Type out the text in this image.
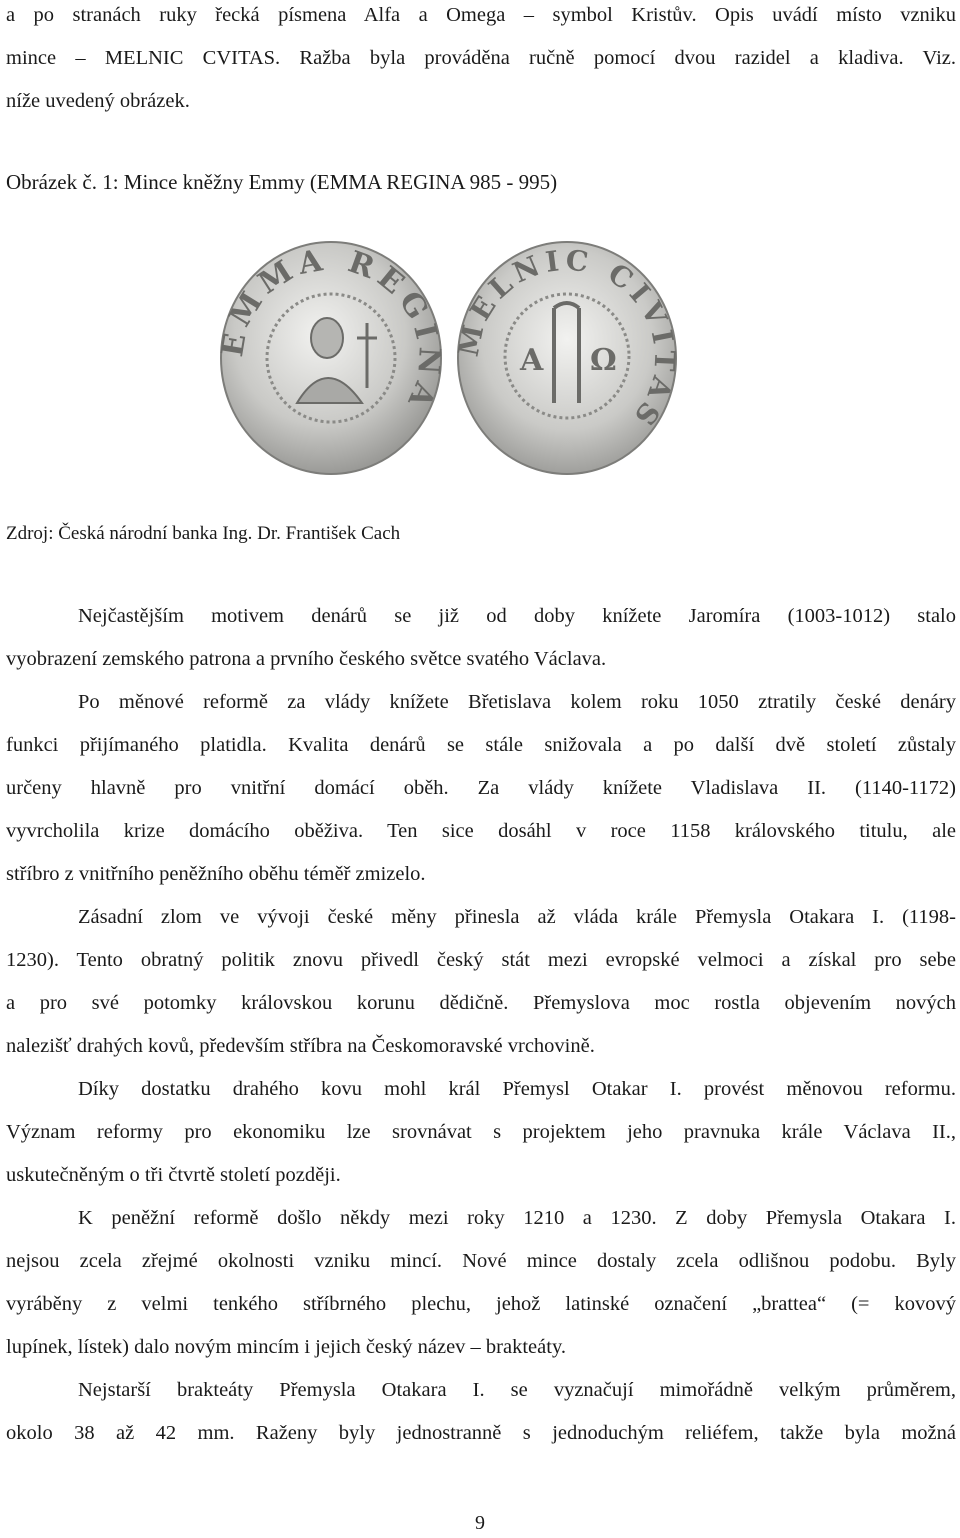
a po stranách ruky řecká písmena Alfa a Omega – symbol Kristův. Opis uvádí místo vzniku
mince – MELNIC CVITAS. Ražba byla prováděna ručně pomocí dvou razidel a kladiva. Viz.
níže uvedený obrázek.
Obrázek č. 1: Mince kněžny Emmy (EMMA REGINA 985 - 995)
EMMA REGINA
MELNIC CIVITAS
Α Ω
Zdroj: Česká národní banka Ing. Dr. František Cach
Nejčastějším motivem denárů se již od doby knížete Jaromíra (1003-1012) stalo
vyobrazení zemského patrona a prvního českého světce svatého Václava.
Po měnové reformě za vlády knížete Břetislava kolem roku 1050 ztratily české denáry
funkci přijímaného platidla. Kvalita denárů se stále snižovala a po další dvě století zůstaly
určeny hlavně pro vnitřní domácí oběh. Za vlády knížete Vladislava II. (1140-1172)
vyvrcholila krize domácího oběživa. Ten sice dosáhl v roce 1158 královského titulu, ale
stříbro z vnitřního peněžního oběhu téměř zmizelo.
Zásadní zlom ve vývoji české měny přinesla až vláda krále Přemysla Otakara I. (1198-
1230). Tento obratný politik znovu přivedl český stát mezi evropské velmoci a získal pro sebe
a pro své potomky královskou korunu dědičně. Přemyslova moc rostla objevením nových
nalezišť drahých kovů, především stříbra na Českomoravské vrchovině.
Díky dostatku drahého kovu mohl král Přemysl Otakar I. provést měnovou reformu.
Význam reformy pro ekonomiku lze srovnávat s projektem jeho pravnuka krále Václava II.,
uskutečněným o tři čtvrtě století později.
K peněžní reformě došlo někdy mezi roky 1210 a 1230. Z doby Přemysla Otakara I.
nejsou zcela zřejmé okolnosti vzniku mincí. Nové mince dostaly zcela odlišnou podobu. Byly
vyráběny z velmi tenkého stříbrného plechu, jehož latinské označení „brattea“ (= kovový
lupínek, lístek) dalo novým mincím i jejich český název – brakteáty.
Nejstarší brakteáty Přemysla Otakara I. se vyznačují mimořádně velkým průměrem,
okolo 38 až 42 mm. Raženy byly jednostranně s jednoduchým reliéfem, takže byla možná
9
